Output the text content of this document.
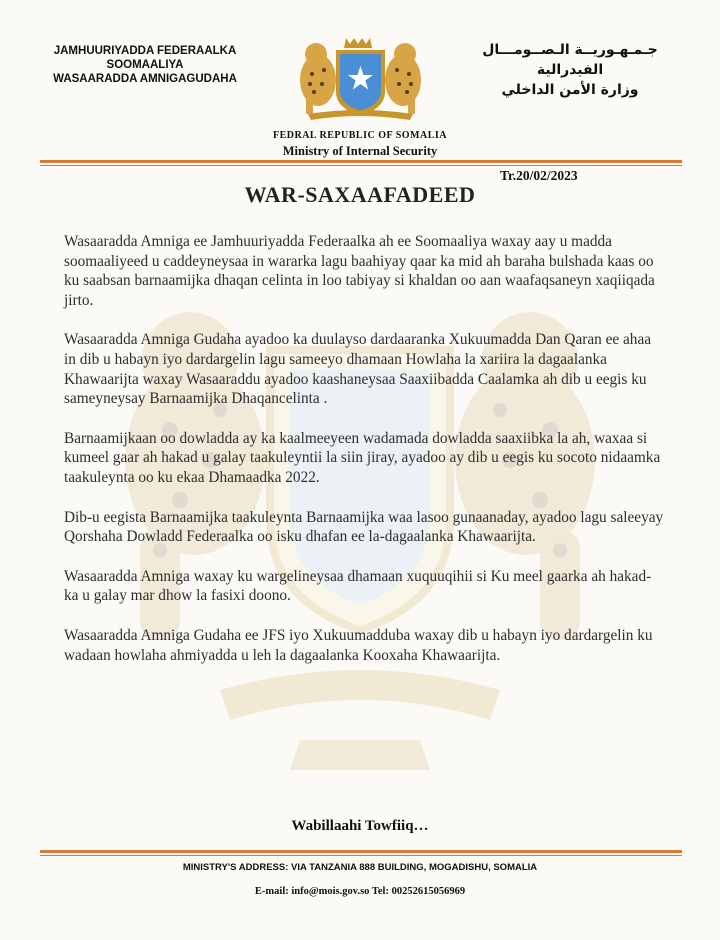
JAMHUURIYADDA FEDERAALKA
SOOMAALIYA
WASAARADDA AMNIGAGUDAHA
جـمـهـوريــة الـصــومـــال الفيدرالية
وزارة الأمن الداخلي
FEDRAL REPUBLIC OF SOMALIA
Ministry of Internal Security
Tr.20/02/2023
WAR-SAXAAFADEED

Wasaaradda Amniga ee Jamhuuriyadda Federaalka ah ee Soomaaliya waxay aay u madda soomaaliyeed u caddeyneysaa in wararka lagu baahiyay qaar ka mid ah baraha bulshada kaas oo ku saabsan barnaamijka dhaqan celinta in loo tabiyay si khaldan oo aan waafaqsaneyn xaqiiqada jirto.

Wasaaradda Amniga Gudaha ayadoo ka duulayso dardaaranka Xukuumadda Dan Qaran ee ahaa in dib u habayn iyo dardargelin lagu sameeyo dhamaan Howlaha la xariira la dagaalanka Khawaarijta waxay Wasaaraddu ayadoo kaashaneysaa Saaxiibadda Caalamka ah dib u eegis ku sameyneysay Barnaamijka Dhaqancelinta .

Barnaamijkaan oo dowladda ay ka kaalmeeyeen wadamada dowladda saaxiibka la ah, waxaa si kumeel gaar ah hakad u galay taakuleyntii la siin jiray, ayadoo ay dib u eegis ku socoto nidaamka taakuleynta oo ku ekaa Dhamaadka 2022.

Dib-u eegista Barnaamijka taakuleynta Barnaamijka waa lasoo gunaanaday, ayadoo lagu saleeyay Qorshaha Dowladd Federaalka oo isku dhafan ee la-dagaalanka Khawaarijta.

Wasaaradda Amniga waxay ku wargelineysaa dhamaan xuquuqihii si Ku meel gaarka ah hakad-ka u galay mar dhow la fasixi doono.

Wasaaradda Amniga Gudaha ee JFS iyo Xukuumadduba waxay dib u habayn iyo dardargelin ku wadaan howlaha ahmiyadda u leh la dagaalanka Kooxaha Khawaarijta.

Wabillaahi Towfiiq…
MINISTRY'S ADDRESS: VIA TANZANIA 888 BUILDING, MOGADISHU, SOMALIA
E-mail: info@mois.gov.so Tel: 00252615056969
